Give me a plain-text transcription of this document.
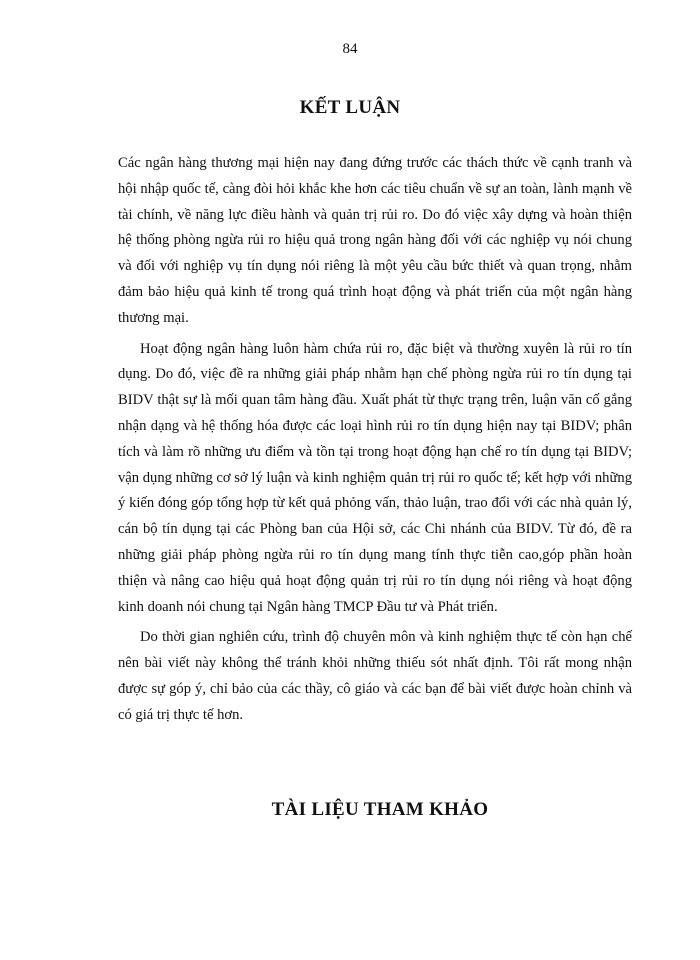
84
KẾT LUẬN

Các ngân hàng thương mại hiện nay đang đứng trước các thách thức về cạnh tranh và hội nhập quốc tế, càng đòi hỏi khắc khe hơn các tiêu chuẩn về sự an toàn, lành mạnh về tài chính, về năng lực điều hành và quản trị rủi ro. Do đó việc xây dựng và hoàn thiện hệ thống phòng ngừa rủi ro hiệu quả trong ngân hàng đối với các nghiệp vụ nói chung và đối với nghiệp vụ tín dụng nói riêng là một yêu cầu bức thiết và quan trọng, nhằm đảm bảo hiệu quả kinh tế trong quá trình hoạt động và phát triển của một ngân hàng thương mại.

Hoạt động ngân hàng luôn hàm chứa rủi ro, đặc biệt và thường xuyên là rủi ro tín dụng. Do đó, việc đề ra những giải pháp nhằm hạn chế phòng ngừa rủi ro tín dụng tại BIDV thật sự là mối quan tâm hàng đầu. Xuất phát từ thực trạng trên, luận văn cố gắng nhận dạng và hệ thống hóa được các loại hình rủi ro tín dụng hiện nay tại BIDV; phân tích và làm rõ những ưu điểm và tồn tại trong hoạt động hạn chế ro tín dụng tại BIDV; vận dụng những cơ sở lý luận và kinh nghiệm quản trị rủi ro quốc tế; kết hợp với những ý kiến đóng góp tổng hợp từ kết quả phỏng vấn, thảo luận, trao đổi với các nhà quản lý, cán bộ tín dụng tại các Phòng ban của Hội sở, các Chi nhánh của BIDV. Từ đó, đề ra những giải pháp phòng ngừa rủi ro tín dụng mang tính thực tiễn cao,góp phần hoàn thiện và nâng cao hiệu quả hoạt động quản trị rủi ro tín dụng nói riêng và hoạt động kinh doanh nói chung tại Ngân hàng TMCP Đầu tư và Phát triển.

Do thời gian nghiên cứu, trình độ chuyên môn và kinh nghiệm thực tế còn hạn chế nên bài viết này không thể tránh khỏi những thiếu sót nhất định. Tôi rất mong nhận được sự góp ý, chỉ bảo của các thầy, cô giáo và các bạn để bài viết được hoàn chỉnh và có giá trị thực tế hơn.

TÀI LIỆU THAM KHẢO
